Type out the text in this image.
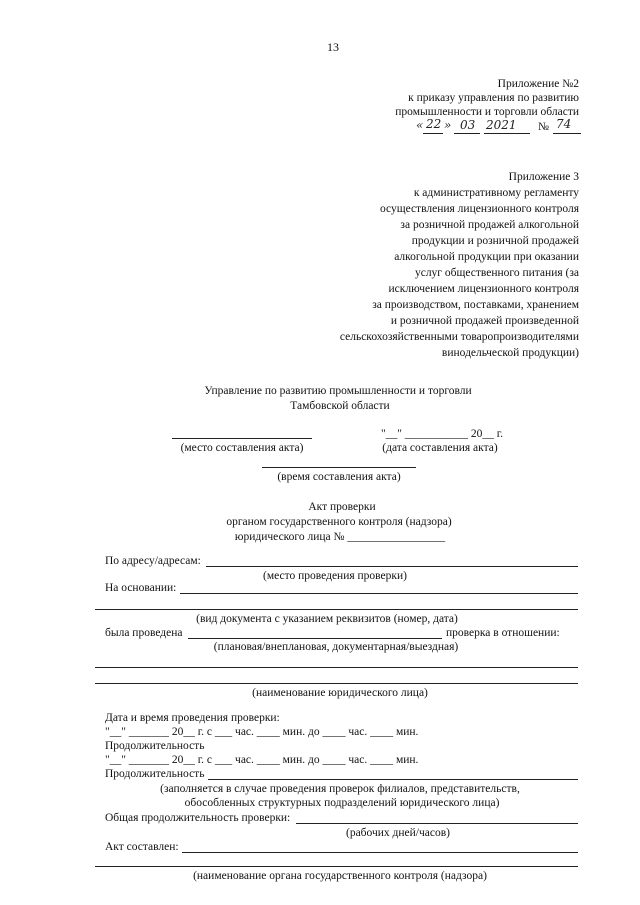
13
Приложение №2
к приказу управления по развитию
промышленности и торговли области
« 22 » 03 2021 № 74
Приложение 3
к административному регламенту
осуществления лицензионного контроля
за розничной продажей алкогольной
продукции и розничной продажей
алкогольной продукции при оказании
услуг общественного питания (за
исключением лицензионного контроля
за производством, поставками, хранением
и розничной продажей произведенной
сельскохозяйственными товаропроизводителями
винодельческой продукции)
Управление по развитию промышленности и торговли
Тамбовской области
(место составления акта)
"__" ___________ 20__ г.
(дата составления акта)
(время составления акта)
Акт проверки
органом государственного контроля (надзора)
юридического лица № _________________
По адресу/адресам:
(место проведения проверки)
На основании:
(вид документа с указанием реквизитов (номер, дата)
была проведена	проверка в отношении:
(плановая/внеплановая, документарная/выездная)
(наименование юридического лица)
Дата и время проведения проверки:
"__" _______ 20__ г. с ___ час. ____ мин. до ____ час. ____ мин.
Продолжительность
"__" _______ 20__ г. с ___ час. ____ мин. до ____ час. ____ мин.
Продолжительность
(заполняется в случае проведения проверок филиалов, представительств,
обособленных структурных подразделений юридического лица)
Общая продолжительность проверки:
(рабочих дней/часов)
Акт составлен:
(наименование органа государственного контроля (надзора)
